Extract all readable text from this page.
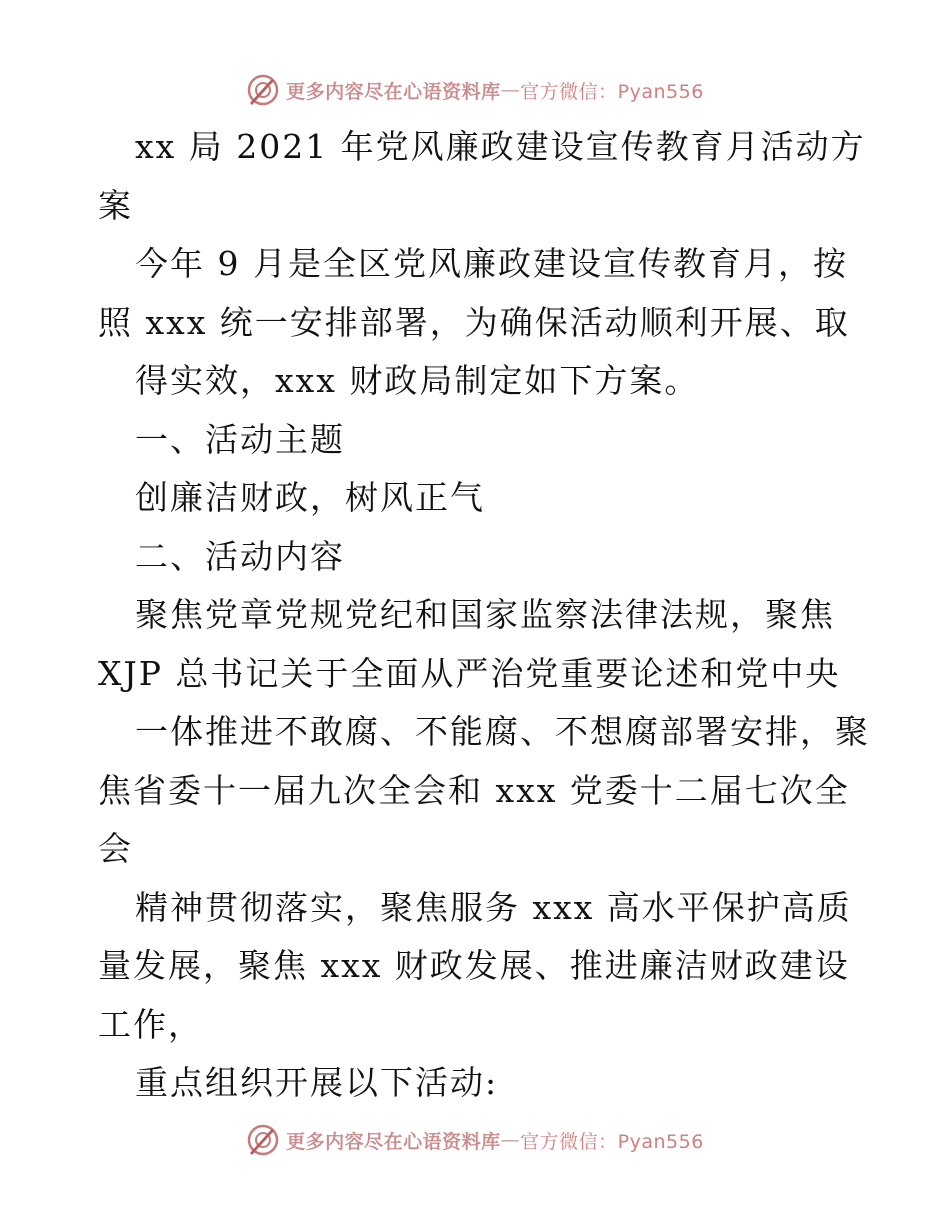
更多内容尽在心语资料库 — 官方微信：Pyan556
xx 局 2021 年党风廉政建设宣传教育月活动方
案
今年 9 月是全区党风廉政建设宣传教育月，按
照 xxx 统一安排部署，为确保活动顺利开展、取
得实效，xxx 财政局制定如下方案。
一、活动主题
创廉洁财政，树风正气
二、活动内容
聚焦党章党规党纪和国家监察法律法规，聚焦
XJP 总书记关于全面从严治党重要论述和党中央
一体推进不敢腐、不能腐、不想腐部署安排，聚
焦省委十一届九次全会和 xxx 党委十二届七次全
会
精神贯彻落实，聚焦服务 xxx 高水平保护高质
量发展，聚焦 xxx 财政发展、推进廉洁财政建设
工作，
重点组织开展以下活动:
更多内容尽在心语资料库 — 官方微信：Pyan556
